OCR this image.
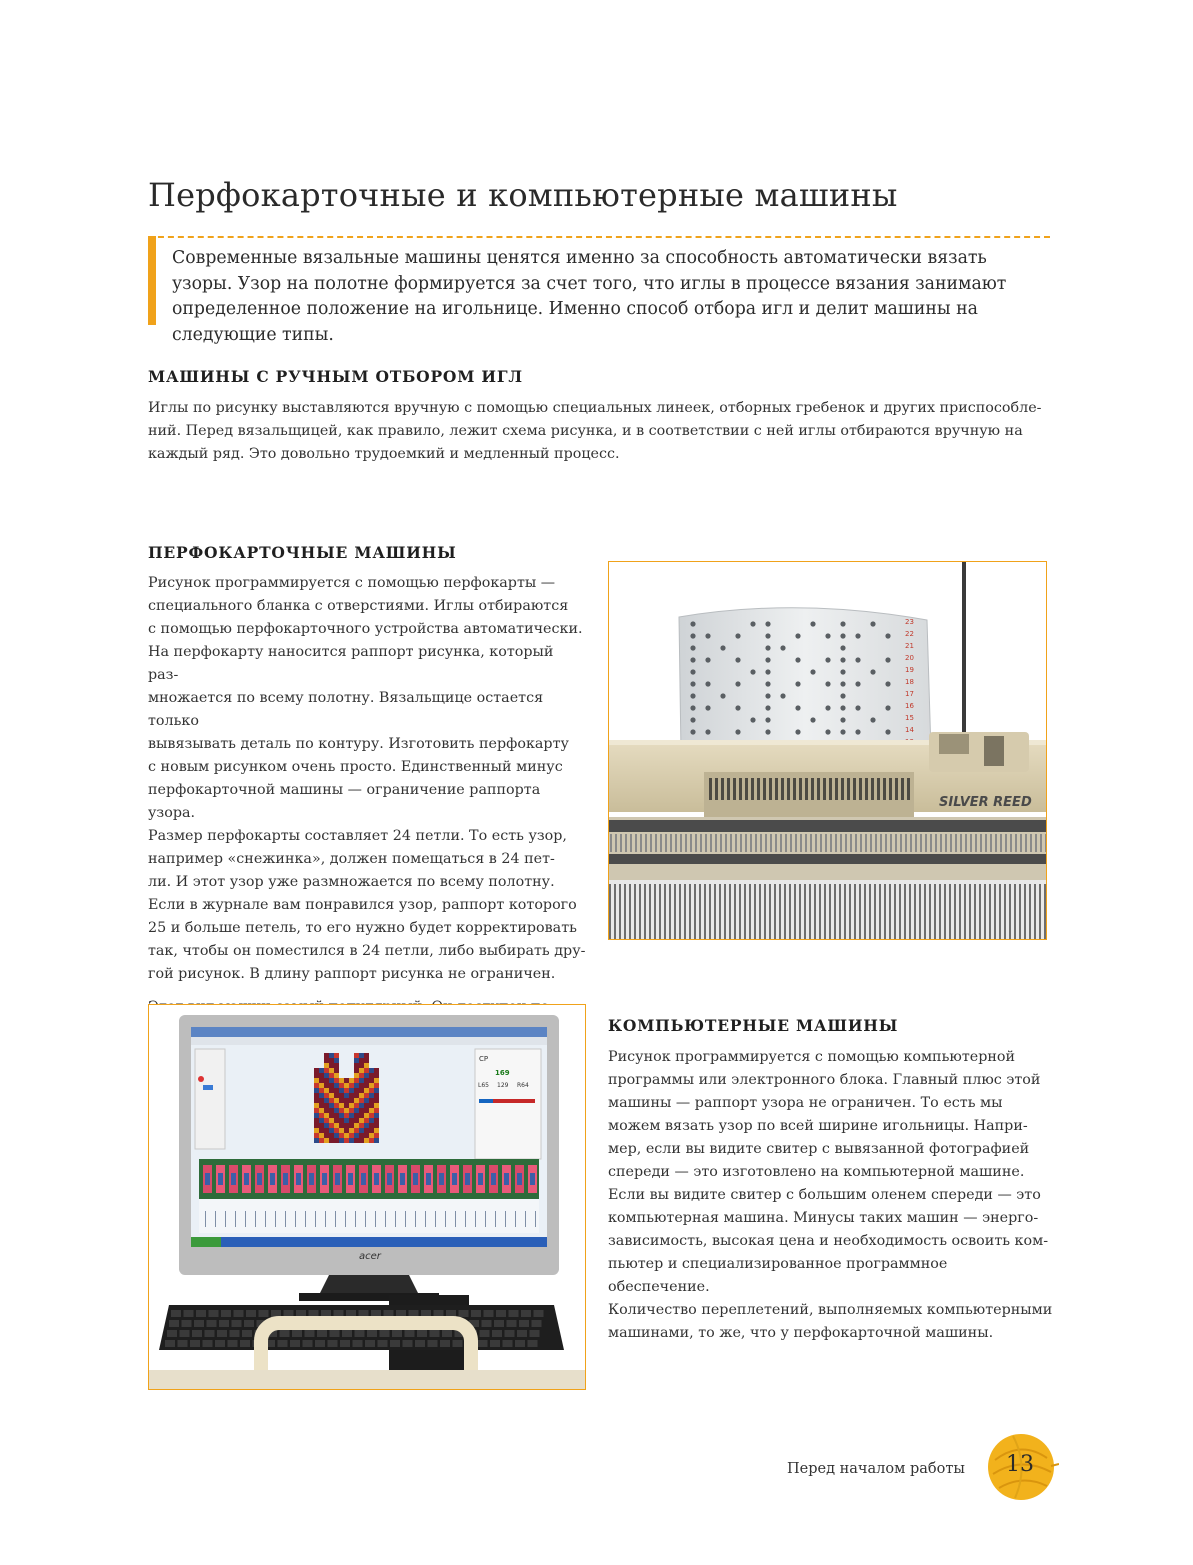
Перфокарточные и компьютерные машины

Современные вязальные машины ценятся именно за способность автоматически вязать узоры. Узор на полотне формируется за счет того, что иглы в процессе вязания занимают определенное положение на игольнице. Именно способ отбора игл и делит машины на следующие типы.

МАШИНЫ С РУЧНЫМ ОТБОРОМ ИГЛ
Иглы по рисунку выставляются вручную с помощью специальных линеек, отборных гребенок и других приспособле-
ний. Перед вязальщицей, как правило, лежит схема рисунка, и в соответствии с ней иглы отбираются вручную на
каждый ряд. Это довольно трудоемкий и медленный процесс.
ПЕРФОКАРТОЧНЫЕ МАШИНЫ
Рисунок программируется с помощью перфокарты —
специального бланка с отверстиями. Иглы отбираются
с помощью перфокарточного устройства автоматически.
На перфокарту наносится раппорт рисунка, который раз-
множается по всему полотну. Вязальщице остается только
вывязывать деталь по контуру. Изготовить перфокарту
с новым рисунком очень просто. Единственный минус
перфокарточной машины — ограничение раппорта узора.
Размер перфокарты составляет 24 петли. То есть узор,
например «снежинка», должен помещаться в 24 пет-
ли. И этот узор уже размножается по всему полотну.
Если в журнале вам понравился узор, раппорт которого
25 и больше петель, то его нужно будет корректировать
так, чтобы он поместился в 24 петли, либо выбирать дру-
гой рисунок. В длину раппорт рисунка не ограничен.
23
22
21
20
19
18
17
16
15
14
SILVER REED
CP
169
L65 129 R64
acer
КОМПЬЮТЕРНЫЕ МАШИНЫ
Рисунок программируется с помощью компьютерной
программы или электронного блока. Главный плюс этой
машины — раппорт узора не ограничен. То есть мы
можем вязать узор по всей ширине игольницы. Напри-
мер, если вы видите свитер с вывязанной фотографией
спереди — это изготовлено на компьютерной машине.
Если вы видите свитер с большим оленем спереди — это
компьютерная машина. Минусы таких машин — энерго-
зависимость, высокая цена и необходимость освоить ком-
пьютер и специализированное программное обеспечение.
Количество переплетений, выполняемых компьютерными
машинами, то же, что у перфокарточной машины.
Перед началом работы	13
